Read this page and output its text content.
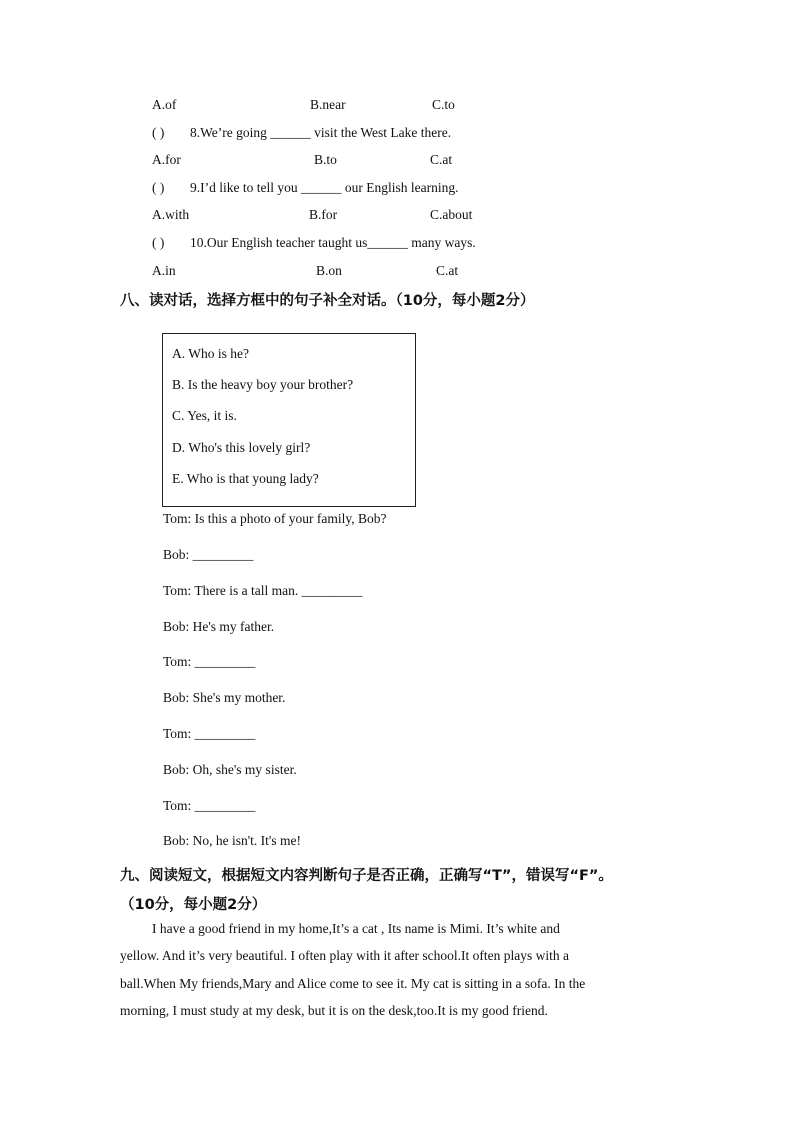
A.of	B.near	C.to
( ) 8.We’re going ______ visit the West Lake there.
A.for	B.to	C.at
( ) 9.I’d like to tell you ______ our English learning.
A.with	B.for	C.about
( ) 10.Our English teacher taught us______ many ways.
A.in	B.on	C.at
八、读对话，选择方框中的句子补全对话。（10分，每小题2分）
A. Who is he?
B. Is the heavy boy your brother?
C. Yes, it is.
D. Who's this lovely girl?
E. Who is that young lady?
Tom: Is this a photo of your family, Bob?
Bob: _________
Tom: There is a tall man. _________
Bob: He's my father.
Tom: _________
Bob: She's my mother.
Tom: _________
Bob: Oh, she's my sister.
Tom: _________
Bob: No, he isn't. It's me!
九、阅读短文，根据短文内容判断句子是否正确，正确写“T”，错误写“F”。
（10分，每小题2分）
I have a good friend in my home,It’s a cat , Its name is Mimi. It’s white and
yellow. And it’s very beautiful. I often play with it after school.It often plays with a
ball.When My friends,Mary and Alice come to see it. My cat is sitting in a sofa. In the
morning, I must study at my desk, but it is on the desk,too.It is my good friend.
